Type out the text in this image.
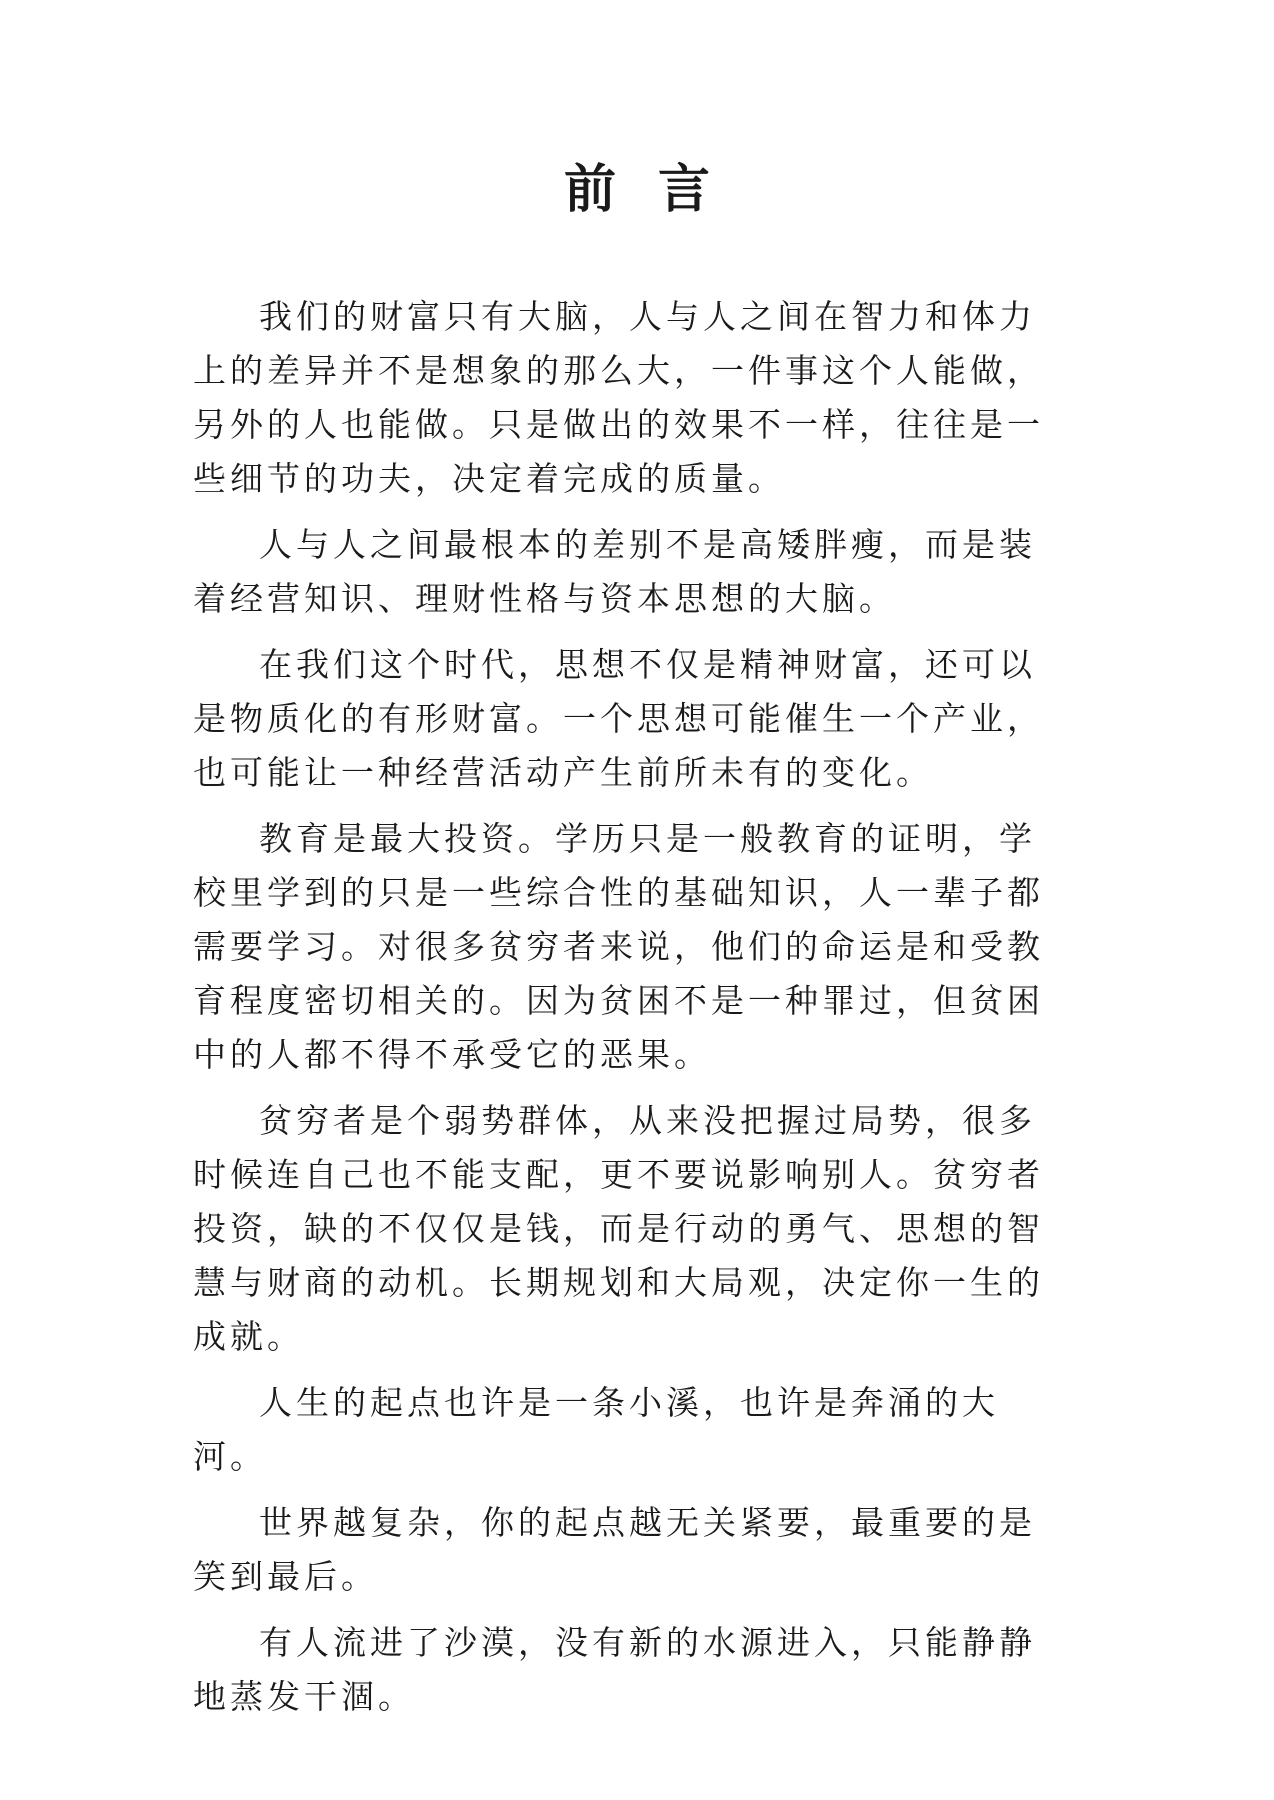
前言

我们的财富只有大脑，人与人之间在智力和体力上的差异并不是想象的那么大，一件事这个人能做，另外的人也能做。只是做出的效果不一样，往往是一些细节的功夫，决定着完成的质量。

人与人之间最根本的差别不是高矮胖瘦，而是装着经营知识、理财性格与资本思想的大脑。

在我们这个时代，思想不仅是精神财富，还可以是物质化的有形财富。一个思想可能催生一个产业，也可能让一种经营活动产生前所未有的变化。

教育是最大投资。学历只是一般教育的证明，学校里学到的只是一些综合性的基础知识，人一辈子都需要学习。对很多贫穷者来说，他们的命运是和受教育程度密切相关的。因为贫困不是一种罪过，但贫困中的人都不得不承受它的恶果。

贫穷者是个弱势群体，从来没把握过局势，很多时候连自己也不能支配，更不要说影响别人。贫穷者投资，缺的不仅仅是钱，而是行动的勇气、思想的智慧与财商的动机。长期规划和大局观，决定你一生的成就。

人生的起点也许是一条小溪，也许是奔涌的大河。

世界越复杂，你的起点越无关紧要，最重要的是笑到最后。

有人流进了沙漠，没有新的水源进入，只能静静地蒸发干涸。
